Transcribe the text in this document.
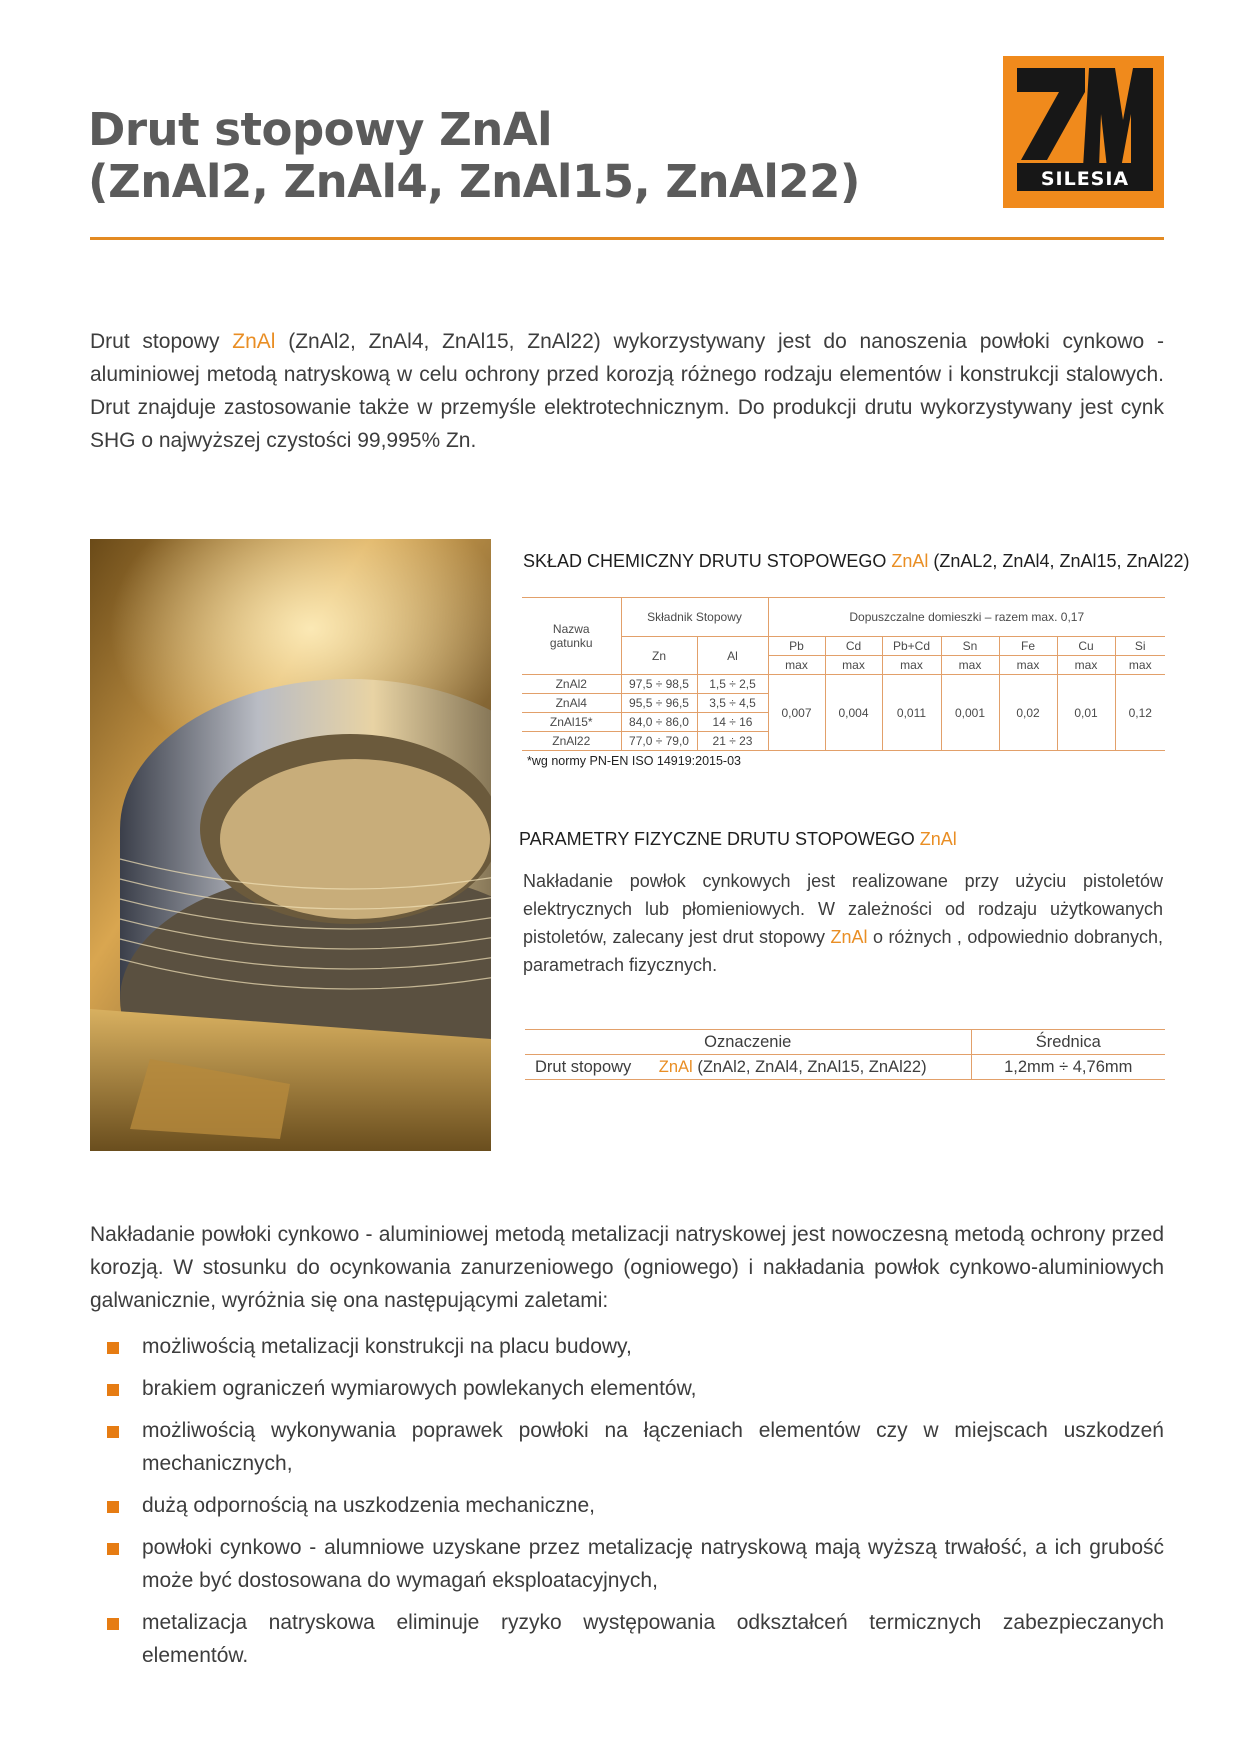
Drut stopowy ZnAl
(ZnAl2, ZnAl4, ZnAl15, ZnAl22)	SILESIA

Drut stopowy ZnAl (ZnAl2, ZnAl4, ZnAl15, ZnAl22) wykorzystywany jest do nanoszenia powłoki cynkowo - aluminiowej metodą natryskową w celu ochrony przed korozją różnego rodzaju elementów i konstrukcji stalowych. Drut znajduje zastosowanie także w przemyśle elektrotechnicznym. Do produkcji drutu wykorzystywany jest cynk SHG o najwyższej czystości 99,995% Zn.

SKŁAD CHEMICZNY DRUTU STOPOWEGO ZnAl (ZnAL2, ZnAl4, ZnAl15, ZnAl22)
Nazwa gatunku	Składnik Stopowy		Dopuszczalne domieszki – razem max. 0,17						
	Zn	Al	Pb	Cd	Pb+Cd	Sn	Fe	Cu	Si
			max	max	max	max	max	max	max
ZnAl2	97,5 ÷ 98,5	1,5 ÷ 2,5	0,007	0,004	0,011	0,001	0,02	0,01	0,12
ZnAl4	95,5 ÷ 96,5	3,5 ÷ 4,5							
ZnAl15*	84,0 ÷ 86,0	14 ÷ 16							
ZnAl22	77,0 ÷ 79,0	21 ÷ 23							
*wg normy PN-EN ISO 14919:2015-03
PARAMETRY FIZYCZNE DRUTU STOPOWEGO ZnAl

Nakładanie powłok cynkowych jest realizowane przy użyciu pistoletów elektrycznych lub płomieniowych. W zależności od rodzaju użytkowanych pistoletów, zalecany jest drut stopowy ZnAl o różnych , odpowiednio dobranych, parametrach fizycznych.

Oznaczenie	Średnica
Drut stopowy      ZnAl (ZnAl2, ZnAl4, ZnAl15, ZnAl22)	1,2mm ÷ 4,76mm

Nakładanie powłoki cynkowo - aluminiowej metodą metalizacji natryskowej jest nowoczesną metodą ochrony przed korozją. W stosunku do ocynkowania zanurzeniowego (ogniowego) i nakładania powłok cynkowo-aluminiowych galwanicznie, wyróżnia się ona następującymi zaletami:

możliwością metalizacji konstrukcji na placu budowy,
brakiem ograniczeń wymiarowych powlekanych elementów,
możliwością wykonywania poprawek powłoki na łączeniach elementów czy w miejscach uszkodzeń mechanicznych,
dużą odpornością na uszkodzenia mechaniczne,
powłoki cynkowo - alumniowe uzyskane przez metalizację natryskową mają wyższą trwałość, a ich grubość może być dostosowana do wymagań eksploatacyjnych,
metalizacja natryskowa eliminuje ryzyko występowania odkształceń termicznych zabezpieczanych elementów.
